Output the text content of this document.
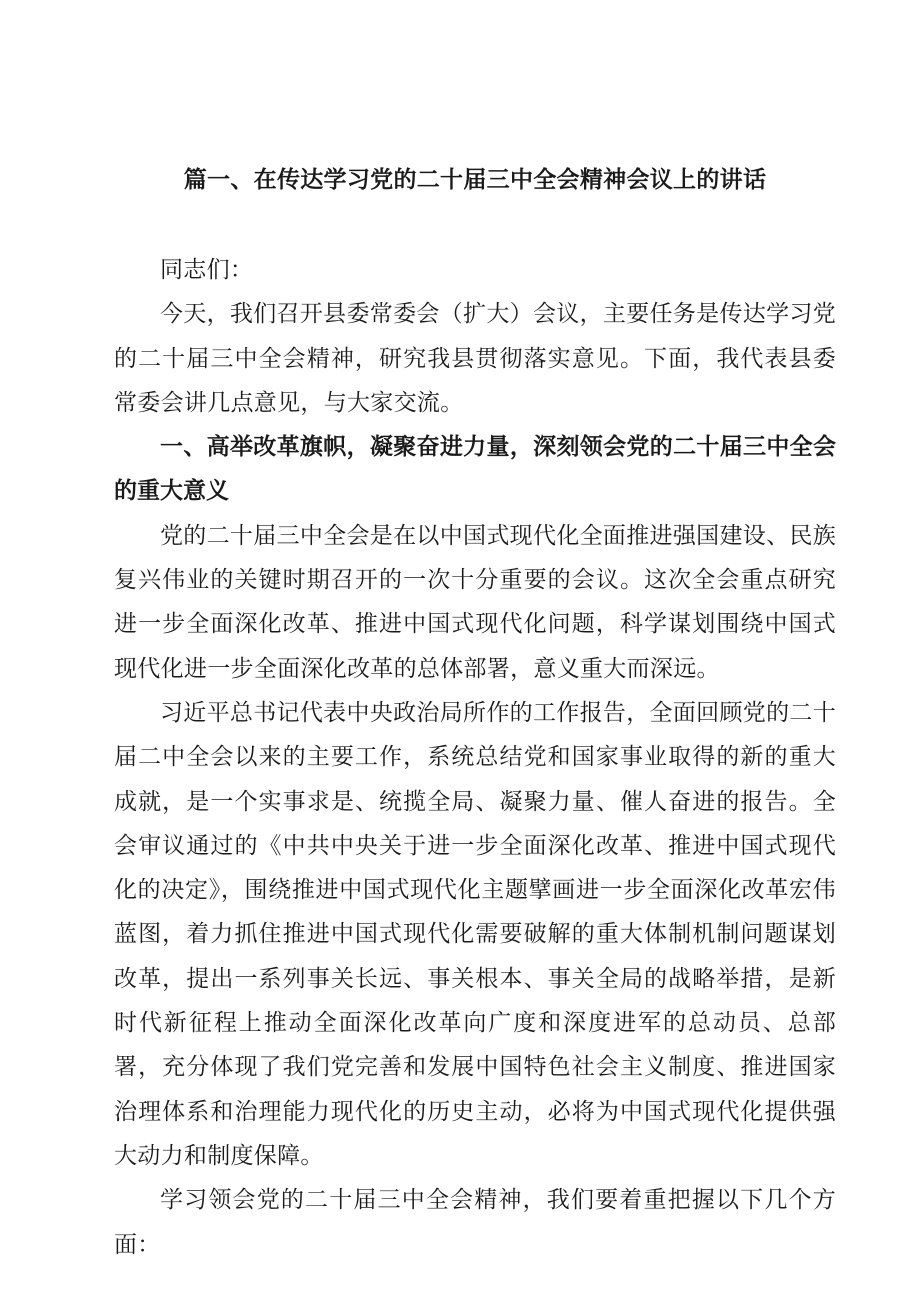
篇一、在传达学习党的二十届三中全会精神会议上的讲话

同志们：

今天，我们召开县委常委会（扩大）会议，主要任务是传达学习党的二十届三中全会精神，研究我县贯彻落实意见。下面，我代表县委常委会讲几点意见，与大家交流。

一、高举改革旗帜，凝聚奋进力量，深刻领会党的二十届三中全会的重大意义

党的二十届三中全会是在以中国式现代化全面推进强国建设、民族复兴伟业的关键时期召开的一次十分重要的会议。这次全会重点研究进一步全面深化改革、推进中国式现代化问题，科学谋划围绕中国式现代化进一步全面深化改革的总体部署，意义重大而深远。

习近平总书记代表中央政治局所作的工作报告，全面回顾党的二十届二中全会以来的主要工作，系统总结党和国家事业取得的新的重大成就，是一个实事求是、统揽全局、凝聚力量、催人奋进的报告。全会审议通过的《中共中央关于进一步全面深化改革、推进中国式现代化的决定》，围绕推进中国式现代化主题擘画进一步全面深化改革宏伟蓝图，着力抓住推进中国式现代化需要破解的重大体制机制问题谋划改革，提出一系列事关长远、事关根本、事关全局的战略举措，是新时代新征程上推动全面深化改革向广度和深度进军的总动员、总部署，充分体现了我们党完善和发展中国特色社会主义制度、推进国家治理体系和治理能力现代化的历史主动，必将为中国式现代化提供强大动力和制度保障。

学习领会党的二十届三中全会精神，我们要着重把握以下几个方面：
